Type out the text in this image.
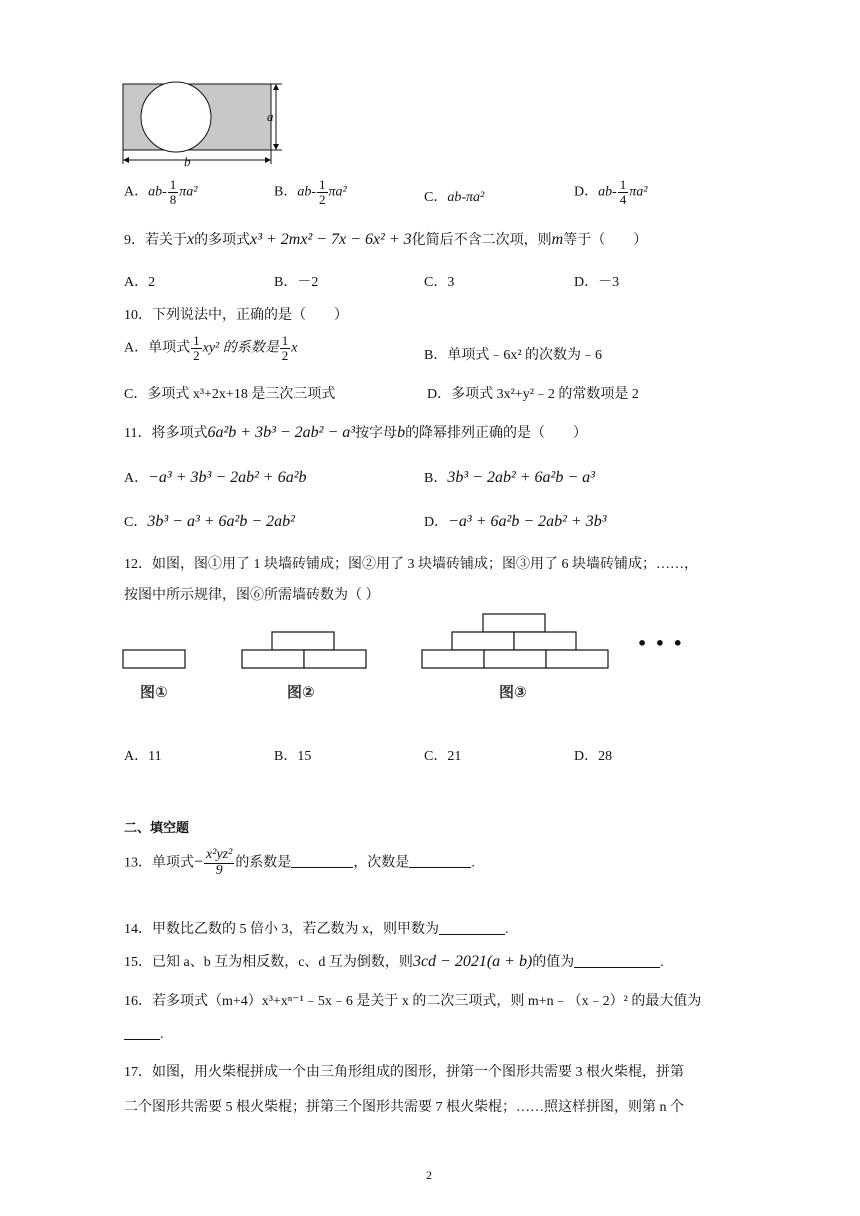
a
b
A．$ab- \frac{1}{8} \pi a^2$	B．$ab- \frac{1}{2} \pi a^2$	C．ab-πa²	D．$ab- \frac{1}{4} \pi a^2$
9．若关于x的多项式x³ + 2mx² − 7x − 6x² + 3化简后不含二次项，则m等于（　　）
A．2	B．－2	C．3	D．－3
10．下列说法中，正确的是（　　）
A．单项式 $\frac{1}{2} xy^2$ 的系数是 $\frac{1}{2}$ x
B．单项式﹣6x² 的次数为﹣6
C．多项式 x³+2x+18 是三次三项式	D．多项式 3x²+y²﹣2 的常数项是 2
11．将多项式6a²b + 3b³ − 2ab² − a³按字母b的降幂排列正确的是（　　）
A．−a³ + 3b³ − 2ab² + 6a²b	B．3b³ − 2ab² + 6a²b − a³
C．3b³ − a³ + 6a²b − 2ab²	D．−a³ + 6a²b − 2ab² + 3b³
12．如图，图①用了 1 块墙砖铺成；图②用了 3 块墙砖铺成；图③用了 6 块墙砖铺成；……，
按图中所示规律，图⑥所需墙砖数为（ ）
• • •
图①	图②	图③
A．11	B．15	C．21	D．28
二、填空题
13．单项式− $\frac{\text{x²yz²}}{9}$ 的系数是	，次数是	.
14．甲数比乙数的 5 倍小 3，若乙数为 x，则甲数为	.
15．已知 a、b 互为相反数，c、d 互为倒数，则3cd − 2021(a + b)的值为	.
16．若多项式（m+4）x³+xⁿ⁻¹﹣5x﹣6 是关于 x 的二次三项式，则 m+n﹣（x﹣2）² 的最大值为
.
17．如图，用火柴棍拼成一个由三角形组成的图形，拼第一个图形共需要 3 根火柴棍，拼第
二个图形共需要 5 根火柴棍；拼第三个图形共需要 7 根火柴棍；……照这样拼图，则第 n 个
2
